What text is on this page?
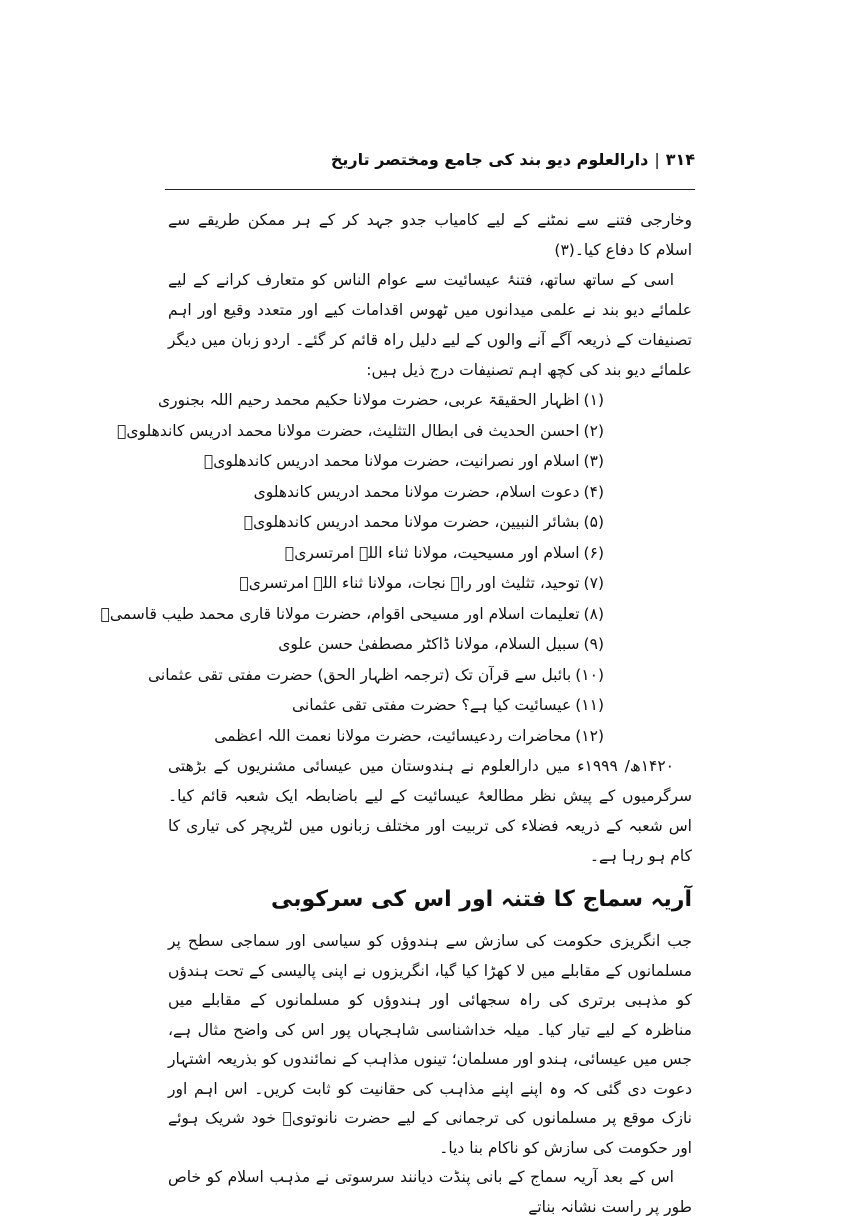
۳۱۴
|
دارالعلوم دیو بند کی جامع ومختصر تاریخ

وخارجی فتنے سے نمٹنے کے لیے کامیاب جدو جہد کر کے ہر ممکن طریقے سے اسلام کا دفاع کیا۔(۳)

اسی کے ساتھ ساتھ، فتنۂ عیسائیت سے عوام الناس کو متعارف کرانے کے لیے علمائے دیو بند نے علمی میدانوں میں ٹھوس اقدامات کیے اور متعدد وقیع اور اہم تصنیفات کے ذریعہ آگے آنے والوں کے لیے دلیل راہ قائم کر گئے۔ اردو زبان میں دیگر علمائے دیو بند کی کچھ اہم تصنیفات درج ذیل ہیں:

(۱)اظہار الحقیقۃ عربی، حضرت مولانا حکیم محمد رحیم اللہ بجنوری
(۲)احسن الحدیث فی ابطال التثلیث، حضرت مولانا محمد ادریس کاندھلویؒ
(۳)اسلام اور نصرانیت، حضرت مولانا محمد ادریس کاندھلویؒ
(۴)دعوت اسلام، حضرت مولانا محمد ادریس کاندھلوی
(۵)بشائر النبیین، حضرت مولانا محمد ادریس کاندھلویؒ
(۶)اسلام اور مسیحیت، مولانا ثناء اللہ امرتسریؒ
(۷)توحید، تثلیث اور راہ نجات، مولانا ثناء اللہ امرتسریؒ
(۸)تعلیمات اسلام اور مسیحی اقوام، حضرت مولانا قاری محمد طیب قاسمیؒ
(۹)سبیل السلام، مولانا ڈاکٹر مصطفیٰ حسن علوی
(۱۰)بائبل سے قرآن تک (ترجمہ اظہار الحق) حضرت مفتی تقی عثمانی
(۱۱)عیسائیت کیا ہے؟ حضرت مفتی تقی عثمانی
(۱۲)محاضرات ردعیسائیت، حضرت مولانا نعمت اللہ اعظمی

۱۴۲۰ھ/ ۱۹۹۹ء میں دارالعلوم نے ہندوستان میں عیسائی مشنریوں کے بڑھتی سرگرمیوں کے پیش نظر مطالعۂ عیسائیت کے لیے باضابطہ ایک شعبہ قائم کیا۔ اس شعبہ کے ذریعہ فضلاء کی تربیت اور مختلف زبانوں میں لٹریچر کی تیاری کا کام ہو رہا ہے۔

آریہ سماج کا فتنہ اور اس کی سرکوبی

جب انگریزی حکومت کی سازش سے ہندوؤں کو سیاسی اور سماجی سطح پر مسلمانوں کے مقابلے میں لا کھڑا کیا گیا، انگریزوں نے اپنی پالیسی کے تحت ہندؤں کو مذہبی برتری کی راہ سجھائی اور ہندوؤں کو مسلمانوں کے مقابلے میں مناظرہ کے لیے تیار کیا۔ میلہ خداشناسی شاہجہاں پور اس کی واضح مثال ہے، جس میں عیسائی، ہندو اور مسلمان؛ تینوں مذاہب کے نمائندوں کو بذریعہ اشتہار دعوت دی گئی کہ وہ اپنے اپنے مذاہب کی حقانیت کو ثابت کریں۔ اس اہم اور نازک موقع پر مسلمانوں کی ترجمانی کے لیے حضرت نانوتویؒ خود شریک ہوئے اور حکومت کی سازش کو ناکام بنا دیا۔

اس کے بعد آریہ سماج کے بانی پنڈت دیانند سرسوتی نے مذہب اسلام کو خاص طور پر راست نشانہ بناتے
